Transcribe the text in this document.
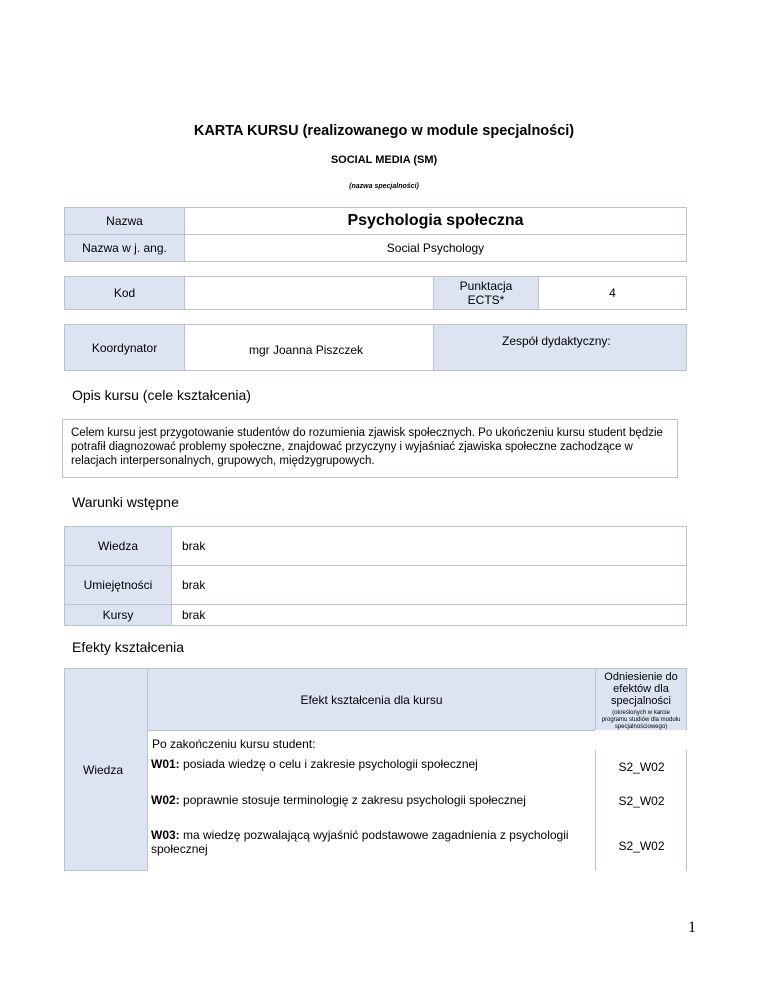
KARTA KURSU (realizowanego w module specjalności)
SOCIAL MEDIA (SM)
(nazwa specjalności)
Nazwa	Psychologia społeczna
Nazwa w j. ang.	Social Psychology
Kod	Punktacja ECTS*	4
Koordynator	mgr Joanna Piszczek
Zespół dydaktyczny:
Opis kursu (cele kształcenia)
Celem kursu jest przygotowanie studentów do rozumienia zjawisk społecznych. Po ukończeniu kursu student będzie potrafił diagnozować problemy społeczne, znajdować przyczyny i wyjaśniać zjawiska społeczne zachodzące w relacjach interpersonalnych, grupowych, międzygrupowych.
Warunki wstępne
Wiedza	brak
Umiejętności brak
Kursy	brak
Efekty kształcenia
Wiedza
Efekt kształcenia dla kursu
Odniesienie do efektów dla specjalności
(określonych w karcie programu studiów dla modułu specjalnościowego)
Po zakończeniu kursu student:
W01: posiada wiedzę o celu i zakresie psychologii społecznej	S2_W02
W02: poprawnie stosuje terminologię z zakresu psychologii społecznej	S2_W02
W03: ma wiedzę pozwalającą wyjaśnić podstawowe zagadnienia z psychologii społecznej	S2_W02
1
